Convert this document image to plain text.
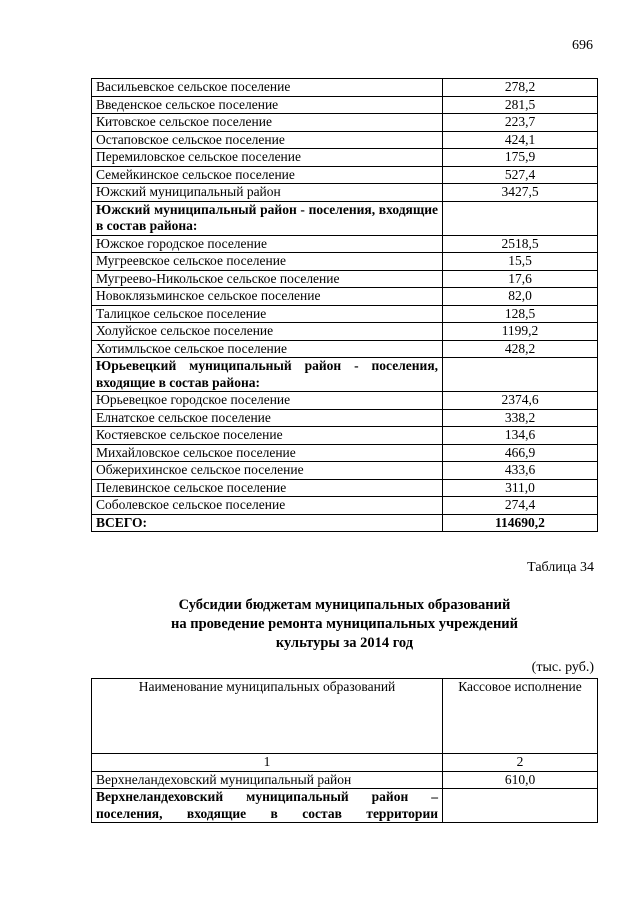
696
Васильевское сельское поселение	278,2
Введенское сельское поселение	281,5
Китовское сельское поселение	223,7
Остаповское сельское поселение	424,1
Перемиловское сельское поселение	175,9
Семейкинское сельское поселение	527,4
Южский муниципальный район	3427,5
Южский муниципальный район - поселения, входящие в состав района:	
Южское городское поселение	2518,5
Мугреевское сельское поселение	15,5
Мугреево-Никольское сельское поселение	17,6
Новоклязьминское сельское поселение	82,0
Талицкое сельское поселение	128,5
Холуйское сельское поселение	1199,2
Хотимльское сельское поселение	428,2
Юрьевецкий муниципальный район - поселения, входящие в состав района:	
Юрьевецкое городское поселение	2374,6
Елнатское сельское поселение	338,2
Костяевское сельское поселение	134,6
Михайловское сельское поселение	466,9
Обжерихинское сельское поселение	433,6
Пелевинское сельское поселение	311,0
Соболевское сельское поселение	274,4
ВСЕГО:	114690,2
Таблица 34
Субсидии бюджетам муниципальных образований
на проведение ремонта муниципальных учреждений
культуры за 2014 год
(тыс. руб.)
Наименование муниципальных образований	Кассовое исполнение
1	2
Верхнеландеховский муниципальный район	610,0
Верхнеландеховский муниципальный район – поселения, входящие в состав территории	
